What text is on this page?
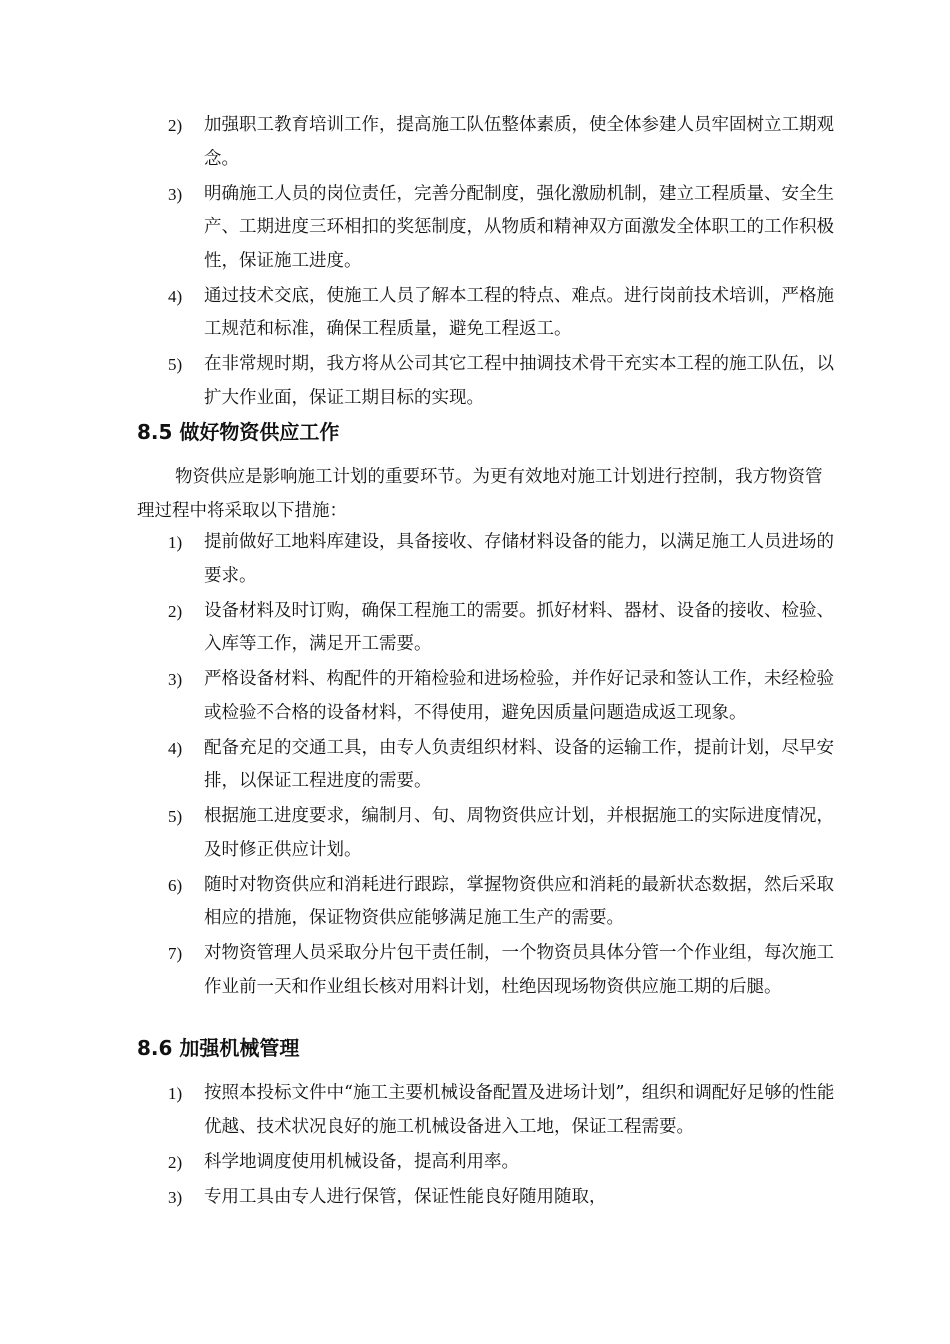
2) 加强职工教育培训工作，提高施工队伍整体素质，使全体参建人员牢固树立工期观念。
3) 明确施工人员的岗位责任，完善分配制度，强化激励机制，建立工程质量、安全生产、工期进度三环相扣的奖惩制度，从物质和精神双方面激发全体职工的工作积极性，保证施工进度。
4) 通过技术交底，使施工人员了解本工程的特点、难点。进行岗前技术培训，严格施工规范和标准，确保工程质量，避免工程返工。
5) 在非常规时期，我方将从公司其它工程中抽调技术骨干充实本工程的施工队伍，以扩大作业面，保证工期目标的实现。
8.5 做好物资供应工作
物资供应是影响施工计划的重要环节。为更有效地对施工计划进行控制，我方物资管理过程中将采取以下措施：
1) 提前做好工地料库建设，具备接收、存储材料设备的能力，以满足施工人员进场的要求。
2) 设备材料及时订购，确保工程施工的需要。抓好材料、器材、设备的接收、检验、入库等工作，满足开工需要。
3) 严格设备材料、构配件的开箱检验和进场检验，并作好记录和签认工作，未经检验或检验不合格的设备材料，不得使用，避免因质量问题造成返工现象。
4) 配备充足的交通工具，由专人负责组织材料、设备的运输工作，提前计划，尽早安排，以保证工程进度的需要。
5) 根据施工进度要求，编制月、旬、周物资供应计划，并根据施工的实际进度情况，及时修正供应计划。
6) 随时对物资供应和消耗进行跟踪，掌握物资供应和消耗的最新状态数据，然后采取相应的措施，保证物资供应能够满足施工生产的需要。
7) 对物资管理人员采取分片包干责任制，一个物资员具体分管一个作业组，每次施工作业前一天和作业组长核对用料计划，杜绝因现场物资供应施工期的后腿。
8.6 加强机械管理
1) 按照本投标文件中“施工主要机械设备配置及进场计划”，组织和调配好足够的性能优越、技术状况良好的施工机械设备进入工地，保证工程需要。
2) 科学地调度使用机械设备，提高利用率。
3) 专用工具由专人进行保管，保证性能良好随用随取，
